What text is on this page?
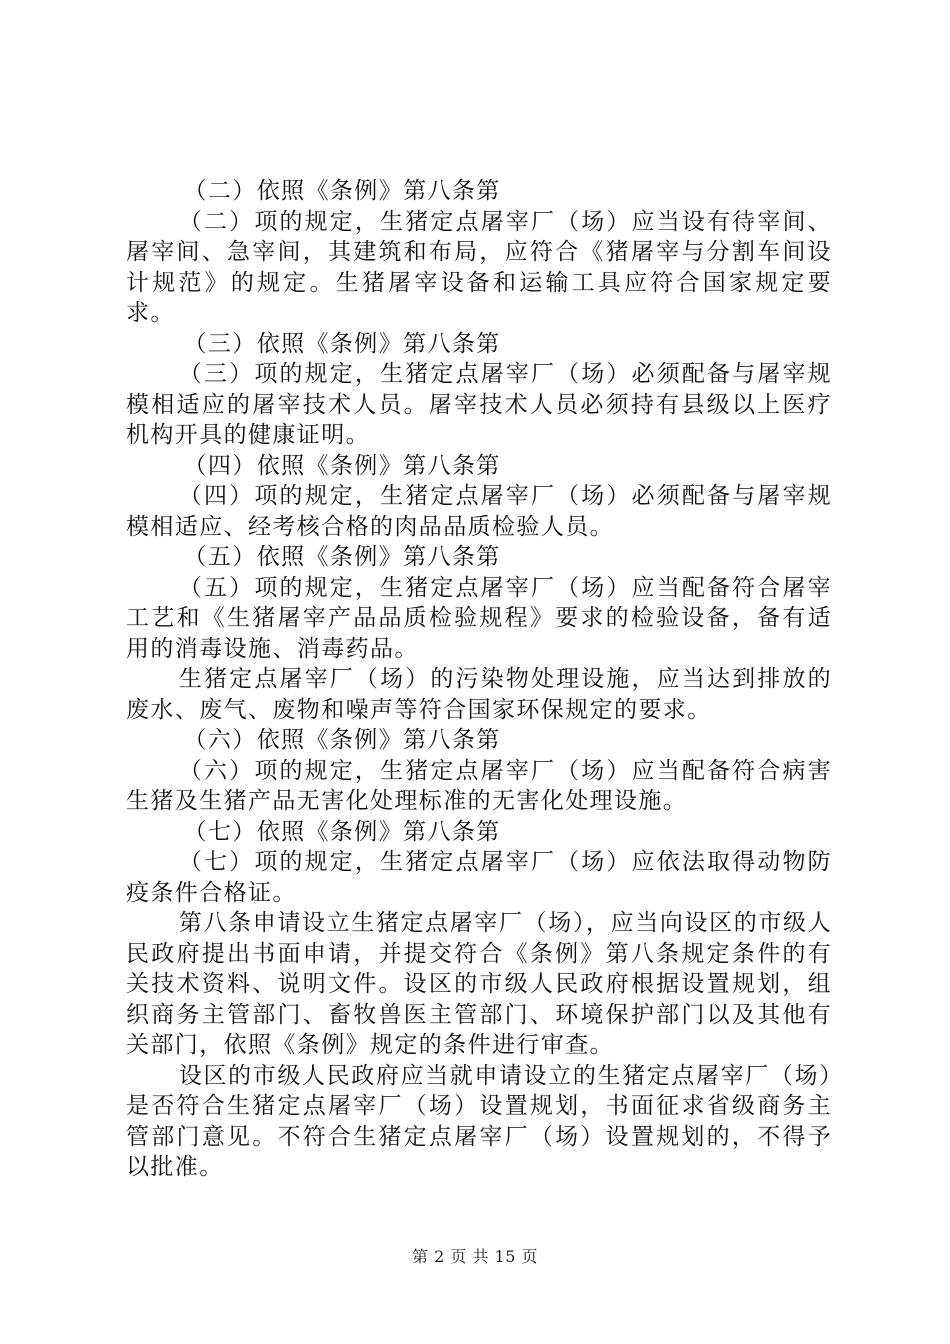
（二）依照《条例》第八条第

（二）项的规定，生猪定点屠宰厂（场）应当设有待宰间、屠宰间、急宰间，其建筑和布局，应符合《猪屠宰与分割车间设计规范》的规定。生猪屠宰设备和运输工具应符合国家规定要求。

（三）依照《条例》第八条第

（三）项的规定，生猪定点屠宰厂（场）必须配备与屠宰规模相适应的屠宰技术人员。屠宰技术人员必须持有县级以上医疗机构开具的健康证明。

（四）依照《条例》第八条第

（四）项的规定，生猪定点屠宰厂（场）必须配备与屠宰规模相适应、经考核合格的肉品品质检验人员。

（五）依照《条例》第八条第

（五）项的规定，生猪定点屠宰厂（场）应当配备符合屠宰工艺和《生猪屠宰产品品质检验规程》要求的检验设备，备有适用的消毒设施、消毒药品。

生猪定点屠宰厂（场）的污染物处理设施，应当达到排放的废水、废气、废物和噪声等符合国家环保规定的要求。

（六）依照《条例》第八条第

（六）项的规定，生猪定点屠宰厂（场）应当配备符合病害生猪及生猪产品无害化处理标准的无害化处理设施。

（七）依照《条例》第八条第

（七）项的规定，生猪定点屠宰厂（场）应依法取得动物防疫条件合格证。

第八条申请设立生猪定点屠宰厂（场），应当向设区的市级人民政府提出书面申请，并提交符合《条例》第八条规定条件的有关技术资料、说明文件。设区的市级人民政府根据设置规划，组织商务主管部门、畜牧兽医主管部门、环境保护部门以及其他有关部门，依照《条例》规定的条件进行审查。

设区的市级人民政府应当就申请设立的生猪定点屠宰厂（场）是否符合生猪定点屠宰厂（场）设置规划，书面征求省级商务主管部门意见。不符合生猪定点屠宰厂（场）设置规划的，不得予以批准。

第 2 页 共 15 页
